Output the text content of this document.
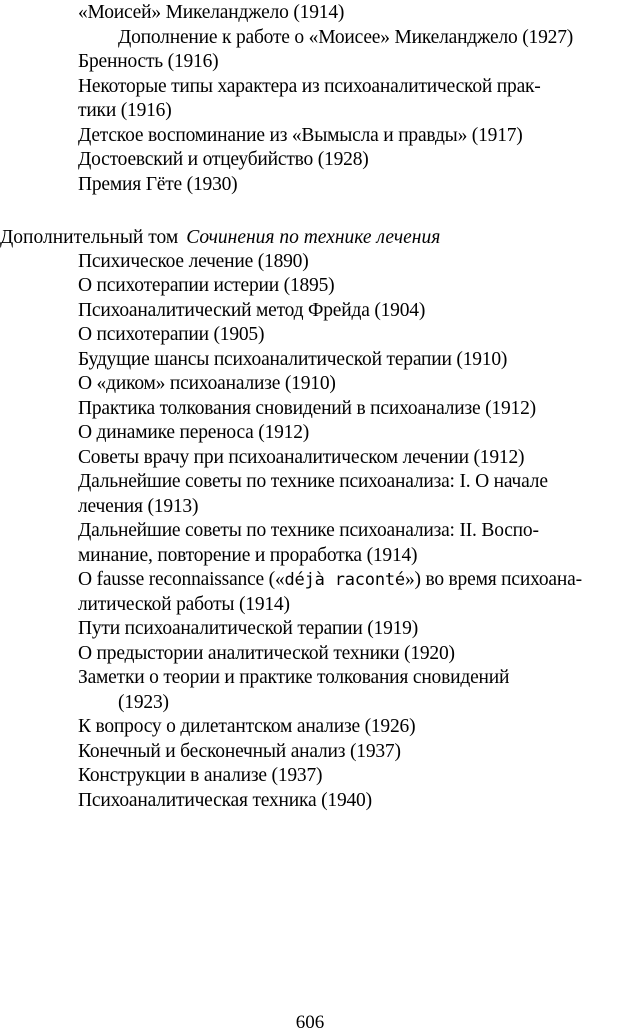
«Моисей» Микеланджело (1914)
Дополнение к работе о «Моисее» Микеланджело (1927)
Бренность (1916)
Некоторые типы характера из психоаналитической прак-
тики (1916)
Детское воспоминание из «Вымысла и правды» (1917)
Достоевский и отцеубийство (1928)
Премия Гёте (1930)
Дополнительный том Сочинения по технике лечения
Психическое лечение (1890)
О психотерапии истерии (1895)
Психоаналитический метод Фрейда (1904)
О психотерапии (1905)
Будущие шансы психоаналитической терапии (1910)
О «диком» психоанализе (1910)
Практика толкования сновидений в психоанализе (1912)
О динамике переноса (1912)
Советы врачу при психоаналитическом лечении (1912)
Дальнейшие советы по технике психоанализа: I. О начале
лечения (1913)
Дальнейшие советы по технике психоанализа: II. Воспо-
минание, повторение и проработка (1914)
О fausse reconnaissance («déjà raconté») во время психоана-
литической работы (1914)
Пути психоаналитической терапии (1919)
О предыстории аналитической техники (1920)
Заметки о теории и практике толкования сновидений
(1923)
К вопросу о дилетантском анализе (1926)
Конечный и бесконечный анализ (1937)
Конструкции в анализе (1937)
Психоаналитическая техника (1940)
606
